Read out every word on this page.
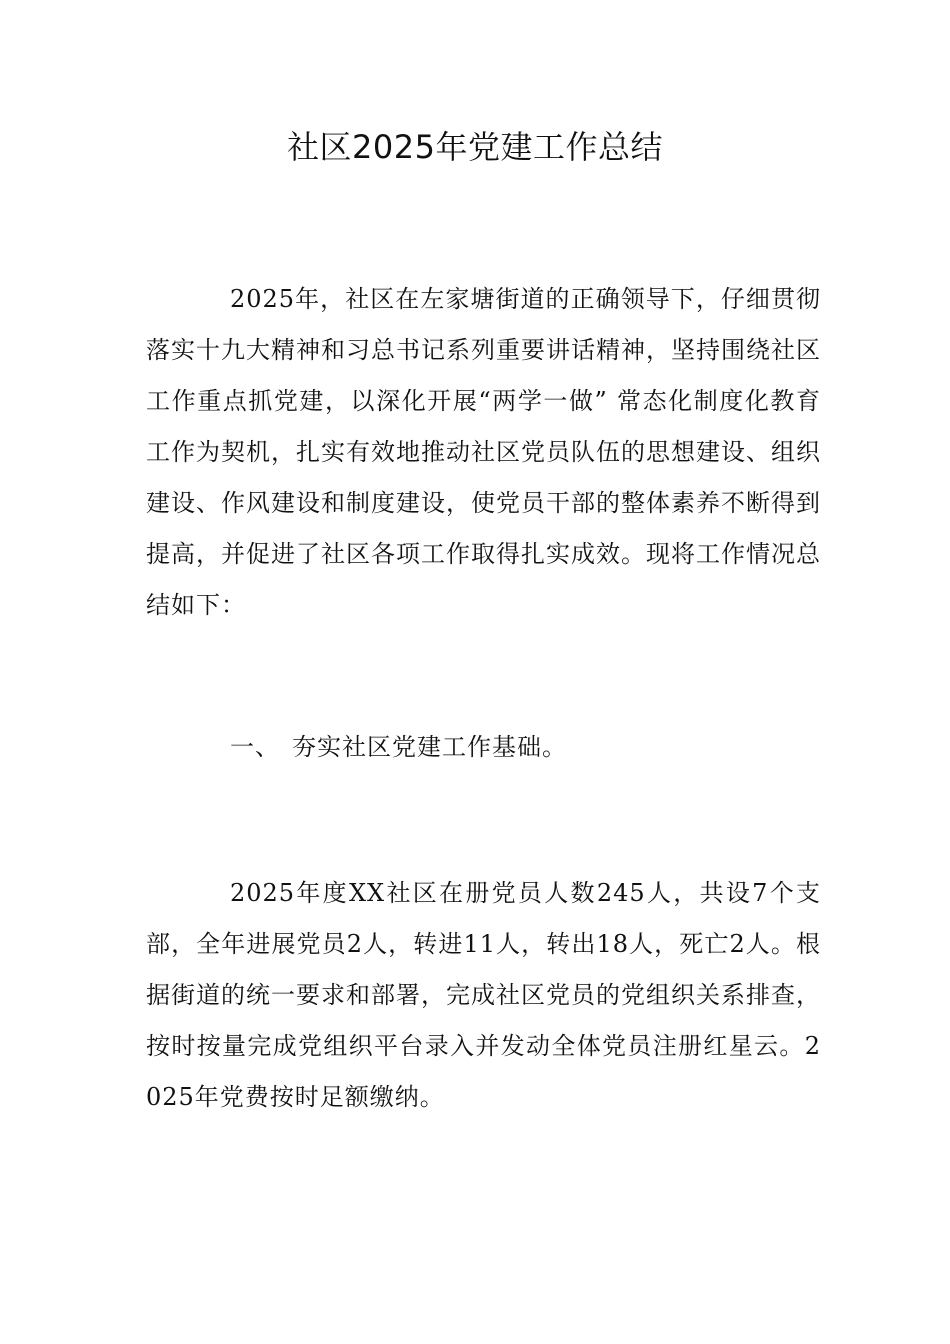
社区2025年党建工作总结

2025年，社区在左家塘街道的正确领导下，仔细贯彻落实十九大精神和习总书记系列重要讲话精神，坚持围绕社区工作重点抓党建，以深化开展“两学一做” 常态化制度化教育工作为契机，扎实有效地推动社区党员队伍的思想建设、组织建设、作风建设和制度建设，使党员干部的整体素养不断得到提高，并促进了社区各项工作取得扎实成效。现将工作情况总结如下：

一、 夯实社区党建工作基础。

2025年度XX社区在册党员人数245人，共设7个支部，全年进展党员2人，转进11人，转出18人，死亡2人。根据街道的统一要求和部署，完成社区党员的党组织关系排查，按时按量完成党组织平台录入并发动全体党员注册红星云。2025年党费按时足额缴纳。
